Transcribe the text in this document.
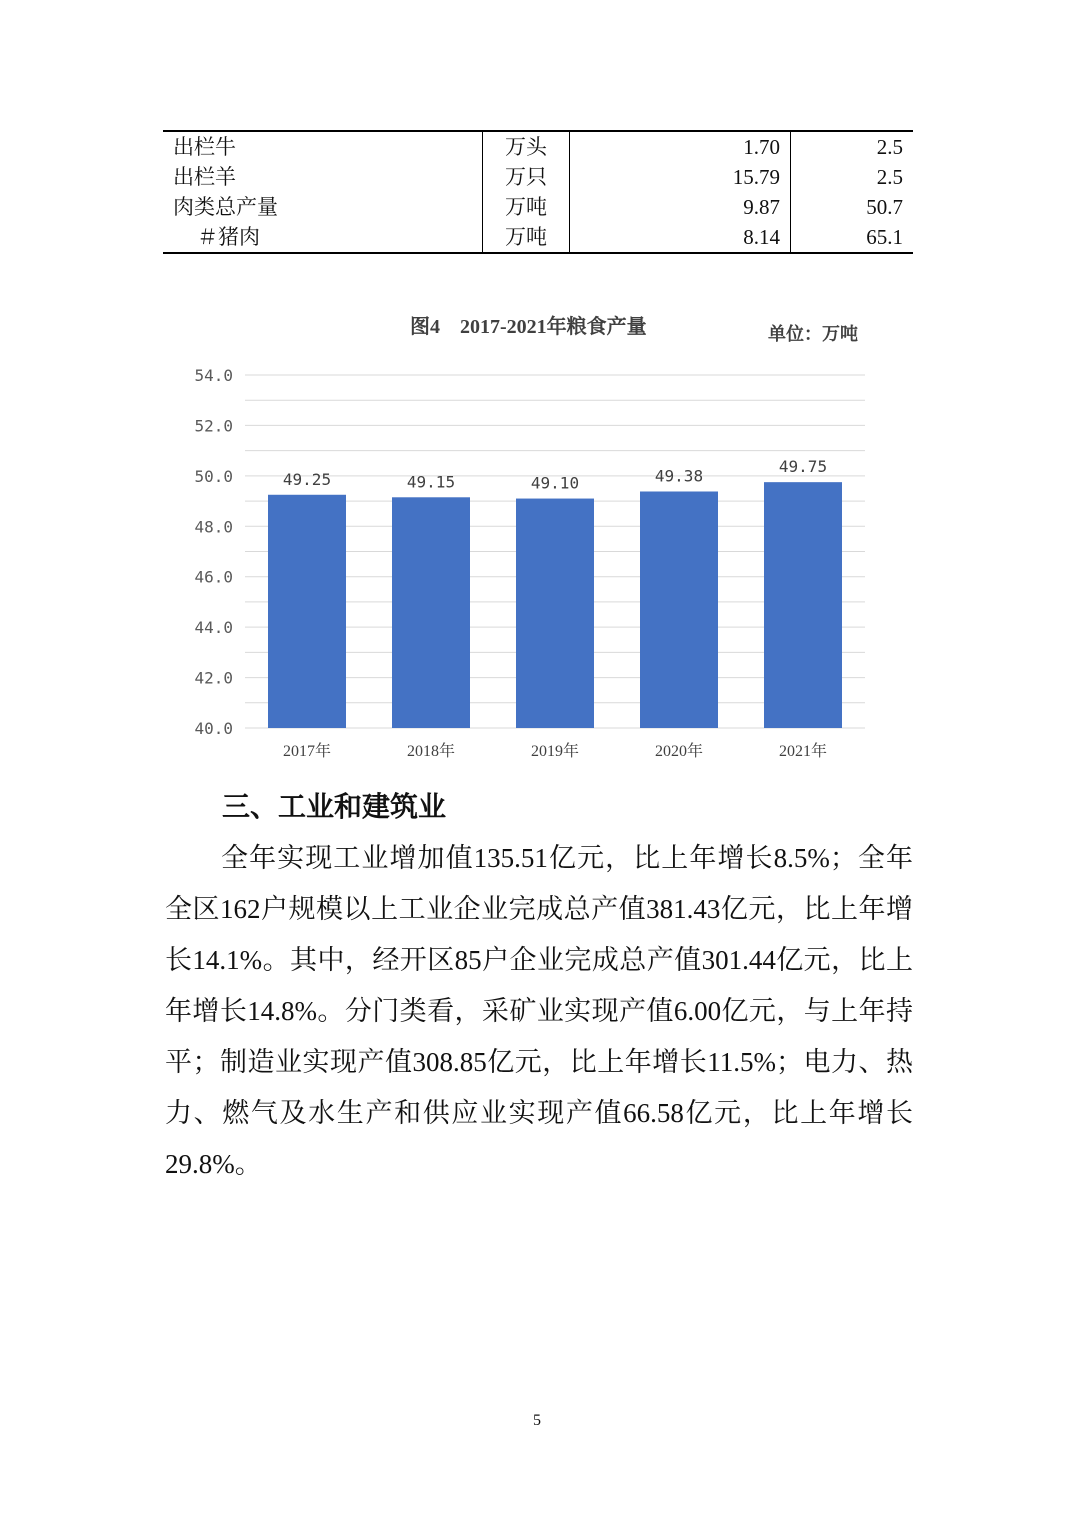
出栏牛	万头	1.70	2.5
出栏羊	万只	15.79	2.5
肉类总产量	万吨	9.87	50.7
＃猪肉	万吨	8.14	65.1
40.0
42.0
44.0
46.0
48.0
50.0
52.0
54.0
49.25
2017年
49.15
2018年
49.10
2019年
49.38
2020年
49.75
2021年
图4　2017-2021年粮食产量	单位：万吨
三、工业和建筑业

全年实现工业增加值135.51亿元，比上年增长8.5%；全年全区162户规模以上工业企业完成总产值381.43亿元，比上年增长14.1%。其中，经开区85户企业完成总产值301.44亿元，比上年增长14.8%。分门类看，采矿业实现产值6.00亿元，与上年持平；制造业实现产值308.85亿元，比上年增长11.5%；电力、热力、燃气及水生产和供应业实现产值66.58亿元，比上年增长29.8%。

5
